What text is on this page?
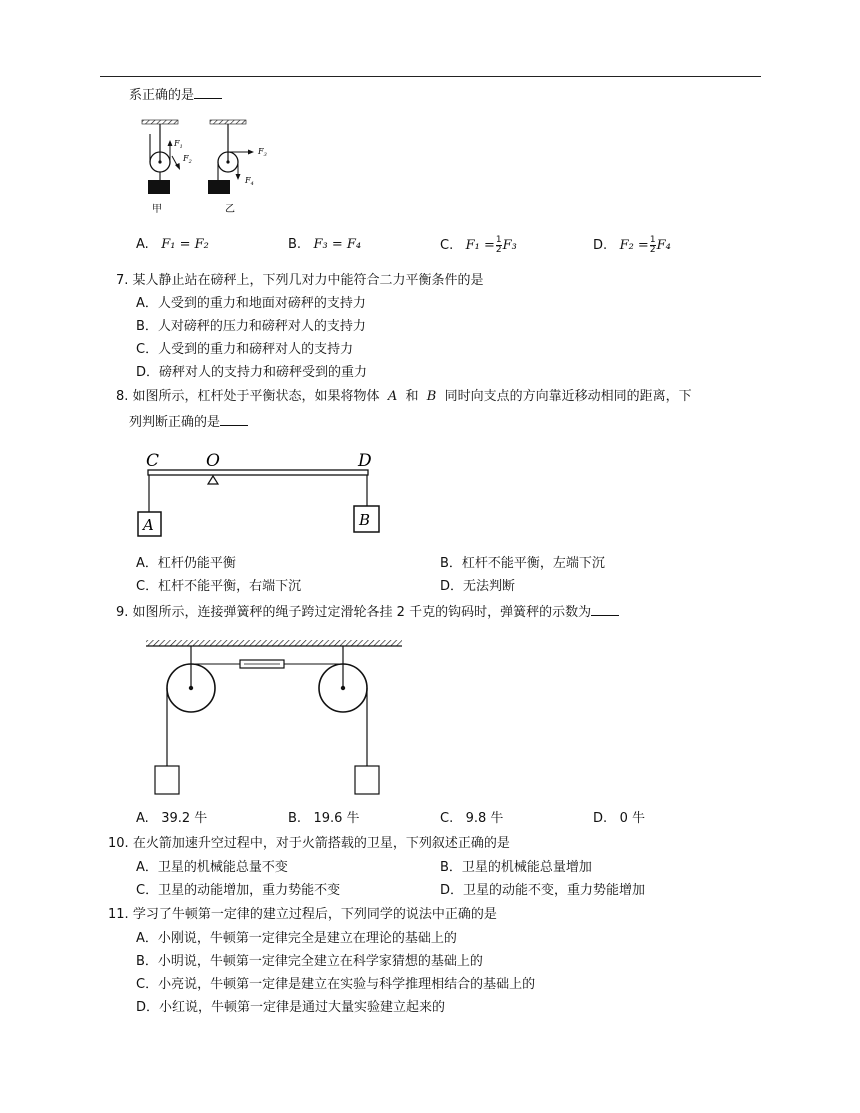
系正确的是
$F_1$
$F_2$
甲
$F_3$
$F_4$
乙
A. F₁ = F₂	B. F₃ = F₄	C. $F_1 = \frac{1}{2} F_3$	D. $F_2 = \frac{1}{2} F_4$
7. 某人静止站在磅秤上，下列几对力中能符合二力平衡条件的是
A．人受到的重力和地面对磅秤的支持力
B．人对磅秤的压力和磅秤对人的支持力
C．人受到的重力和磅秤对人的支持力
D．磅秤对人的支持力和磅秤受到的重力
8. 如图所示，杠杆处于平衡状态，如果将物体 A 和 B 同时向支点的方向靠近移动相同的距离，下
列判断正确的是
C	O	D
A	B
A．杠杆仍能平衡	B．杠杆不能平衡，左端下沉
C．杠杆不能平衡，右端下沉	D．无法判断
9. 如图所示，连接弹簧秤的绳子跨过定滑轮各挂 2 千克的钩码时，弹簧秤的示数为
A. 39.2 牛	B. 19.6 牛	C. 9.8 牛	D. 0 牛
10. 在火箭加速升空过程中，对于火箭搭载的卫星，下列叙述正确的是
A．卫星的机械能总量不变	B．卫星的机械能总量增加
C．卫星的动能增加，重力势能不变	D．卫星的动能不变，重力势能增加
11. 学习了牛顿第一定律的建立过程后，下列同学的说法中正确的是
A．小刚说，牛顿第一定律完全是建立在理论的基础上的
B．小明说，牛顿第一定律完全建立在科学家猜想的基础上的
C．小亮说，牛顿第一定律是建立在实验与科学推理相结合的基础上的
D．小红说，牛顿第一定律是通过大量实验建立起来的
